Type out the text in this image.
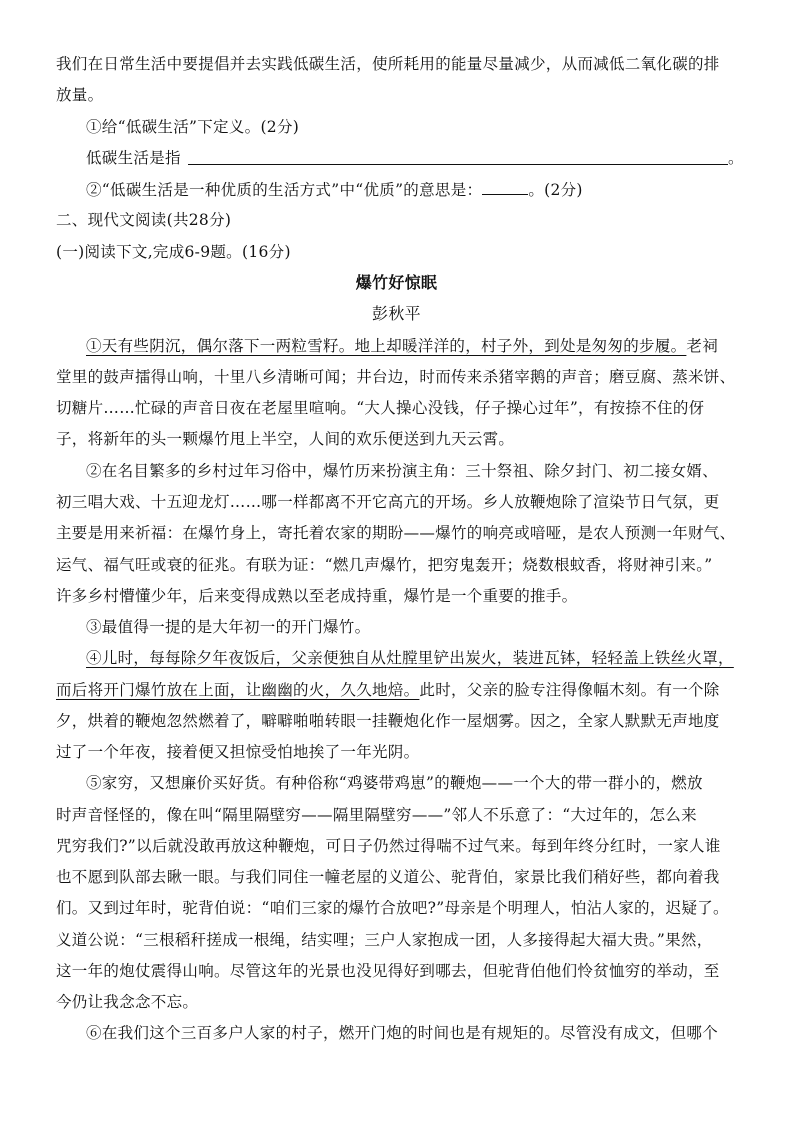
我们在日常生活中要提倡并去实践低碳生活，使所耗用的能量尽量减少，从而减低二氧化碳的排
放量。
①给“低碳生活”下定义。(2分)
低碳生活是指	。
②“低碳生活是一种优质的生活方式”中“优质”的意思是：	。(2分)
二、现代文阅读(共28分)
(一)阅读下文,完成6-9题。(16分)
爆竹好惊眠
彭秋平
①天有些阴沉，偶尔落下一两粒雪籽。地上却暖洋洋的，村子外，到处是匆匆的步履。老祠
堂里的鼓声擂得山响，十里八乡清晰可闻；井台边，时而传来杀猪宰鹅的声音；磨豆腐、蒸米饼、
切糖片……忙碌的声音日夜在老屋里喧响。“大人操心没钱，仔子操心过年”，有按捺不住的伢
子，将新年的头一颗爆竹甩上半空，人间的欢乐便送到九天云霄。
②在名目繁多的乡村过年习俗中，爆竹历来扮演主角：三十祭祖、除夕封门、初二接女婿、
初三唱大戏、十五迎龙灯……哪一样都离不开它高亢的开场。乡人放鞭炮除了渲染节日气氛，更
主要是用来祈福：在爆竹身上，寄托着农家的期盼——爆竹的响亮或喑哑，是农人预测一年财气、
运气、福气旺或衰的征兆。有联为证：“燃几声爆竹，把穷鬼轰开；烧数根蚊香，将财神引来。”
许多乡村懵懂少年，后来变得成熟以至老成持重，爆竹是一个重要的推手。
③最值得一提的是大年初一的开门爆竹。
④儿时，每每除夕年夜饭后，父亲便独自从灶膛里铲出炭火，装进瓦钵，轻轻盖上铁丝火罩，
而后将开门爆竹放在上面，让幽幽的火，久久地焙。此时，父亲的脸专注得像幅木刻。有一个除
夕，烘着的鞭炮忽然燃着了，噼噼啪啪转眼一挂鞭炮化作一屋烟雾。因之，全家人默默无声地度
过了一个年夜，接着便又担惊受怕地挨了一年光阴。
⑤家穷，又想廉价买好货。有种俗称“鸡婆带鸡崽”的鞭炮——一个大的带一群小的，燃放
时声音怪怪的，像在叫“隔里隔壁穷——隔里隔壁穷——”邻人不乐意了：“大过年的，怎么来
咒穷我们?”以后就没敢再放这种鞭炮，可日子仍然过得喘不过气来。每到年终分红时，一家人谁
也不愿到队部去瞅一眼。与我们同住一幢老屋的义道公、驼背伯，家景比我们稍好些，都向着我
们。又到过年时，驼背伯说：“咱们三家的爆竹合放吧?”母亲是个明理人，怕沾人家的，迟疑了。
义道公说：“三根稻秆搓成一根绳，结实哩；三户人家抱成一团，人多接得起大福大贵。”果然，
这一年的炮仗震得山响。尽管这年的光景也没见得好到哪去，但驼背伯他们怜贫恤穷的举动，至
今仍让我念念不忘。
⑥在我们这个三百多户人家的村子，燃开门炮的时间也是有规矩的。尽管没有成文，但哪个
